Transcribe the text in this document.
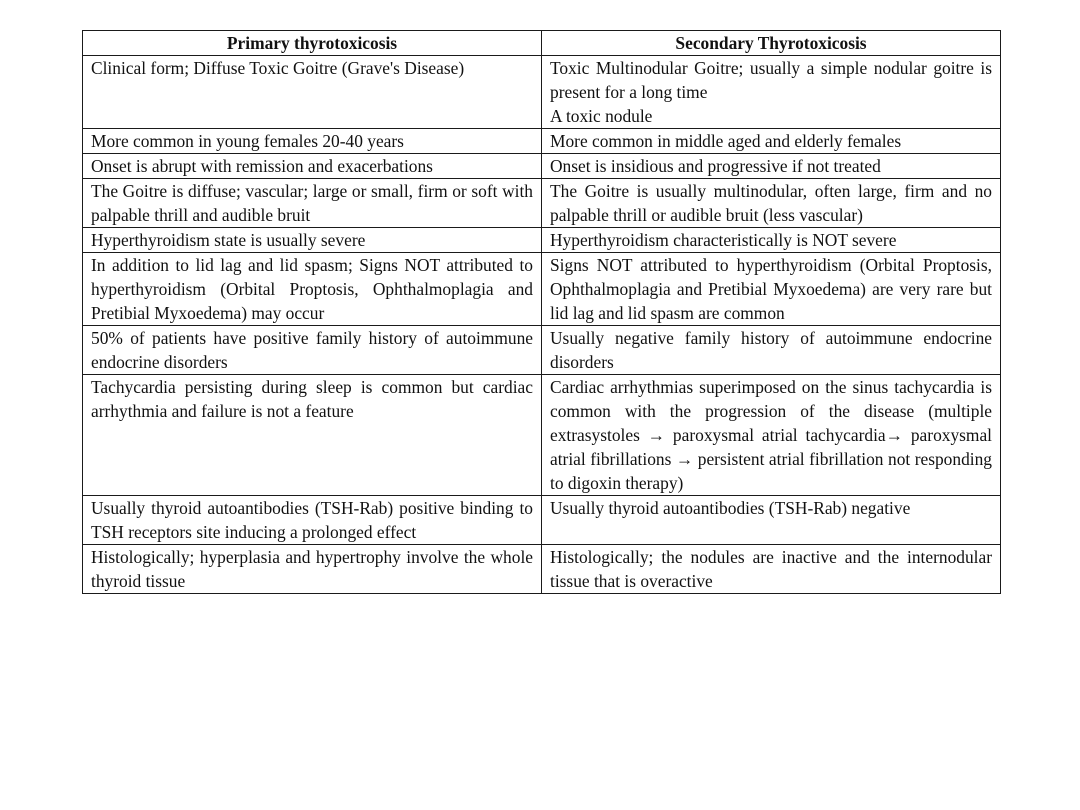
Primary thyrotoxicosis	Secondary Thyrotoxicosis
Clinical form; Diffuse Toxic Goitre (Grave's Disease)	Toxic Multinodular Goitre; usually a simple nodular goitre is present for a long time
A toxic nodule
More common in young females 20-40 years	More common in middle aged and elderly females
Onset is abrupt with remission and exacerbations	Onset is insidious and progressive if not treated
The Goitre is diffuse; vascular; large or small, firm or soft with palpable thrill and audible bruit	The Goitre is usually multinodular, often large, firm and no palpable thrill or audible bruit (less vascular)
Hyperthyroidism state is usually severe	Hyperthyroidism characteristically is NOT severe
In addition to lid lag and lid spasm; Signs NOT attributed to hyperthyroidism (Orbital Proptosis, Ophthalmoplagia and Pretibial Myxoedema) may occur	Signs NOT attributed to hyperthyroidism (Orbital Proptosis, Ophthalmoplagia and Pretibial Myxoedema) are very rare but lid lag and lid spasm are common
50% of patients have positive family history of autoimmune endocrine disorders	Usually negative family history of autoimmune endocrine disorders
Tachycardia persisting during sleep is common but cardiac arrhythmia and failure is not a feature	Cardiac arrhythmias superimposed on the sinus tachycardia is common with the progression of the disease (multiple extrasystoles → paroxysmal atrial tachycardia→ paroxysmal atrial fibrillations → persistent atrial fibrillation not responding to digoxin therapy)
Usually thyroid autoantibodies (TSH-Rab) positive binding to TSH receptors site inducing a prolonged effect	Usually thyroid autoantibodies (TSH-Rab) negative
Histologically; hyperplasia and hypertrophy involve the whole thyroid tissue	Histologically; the nodules are inactive and the internodular tissue that is overactive
